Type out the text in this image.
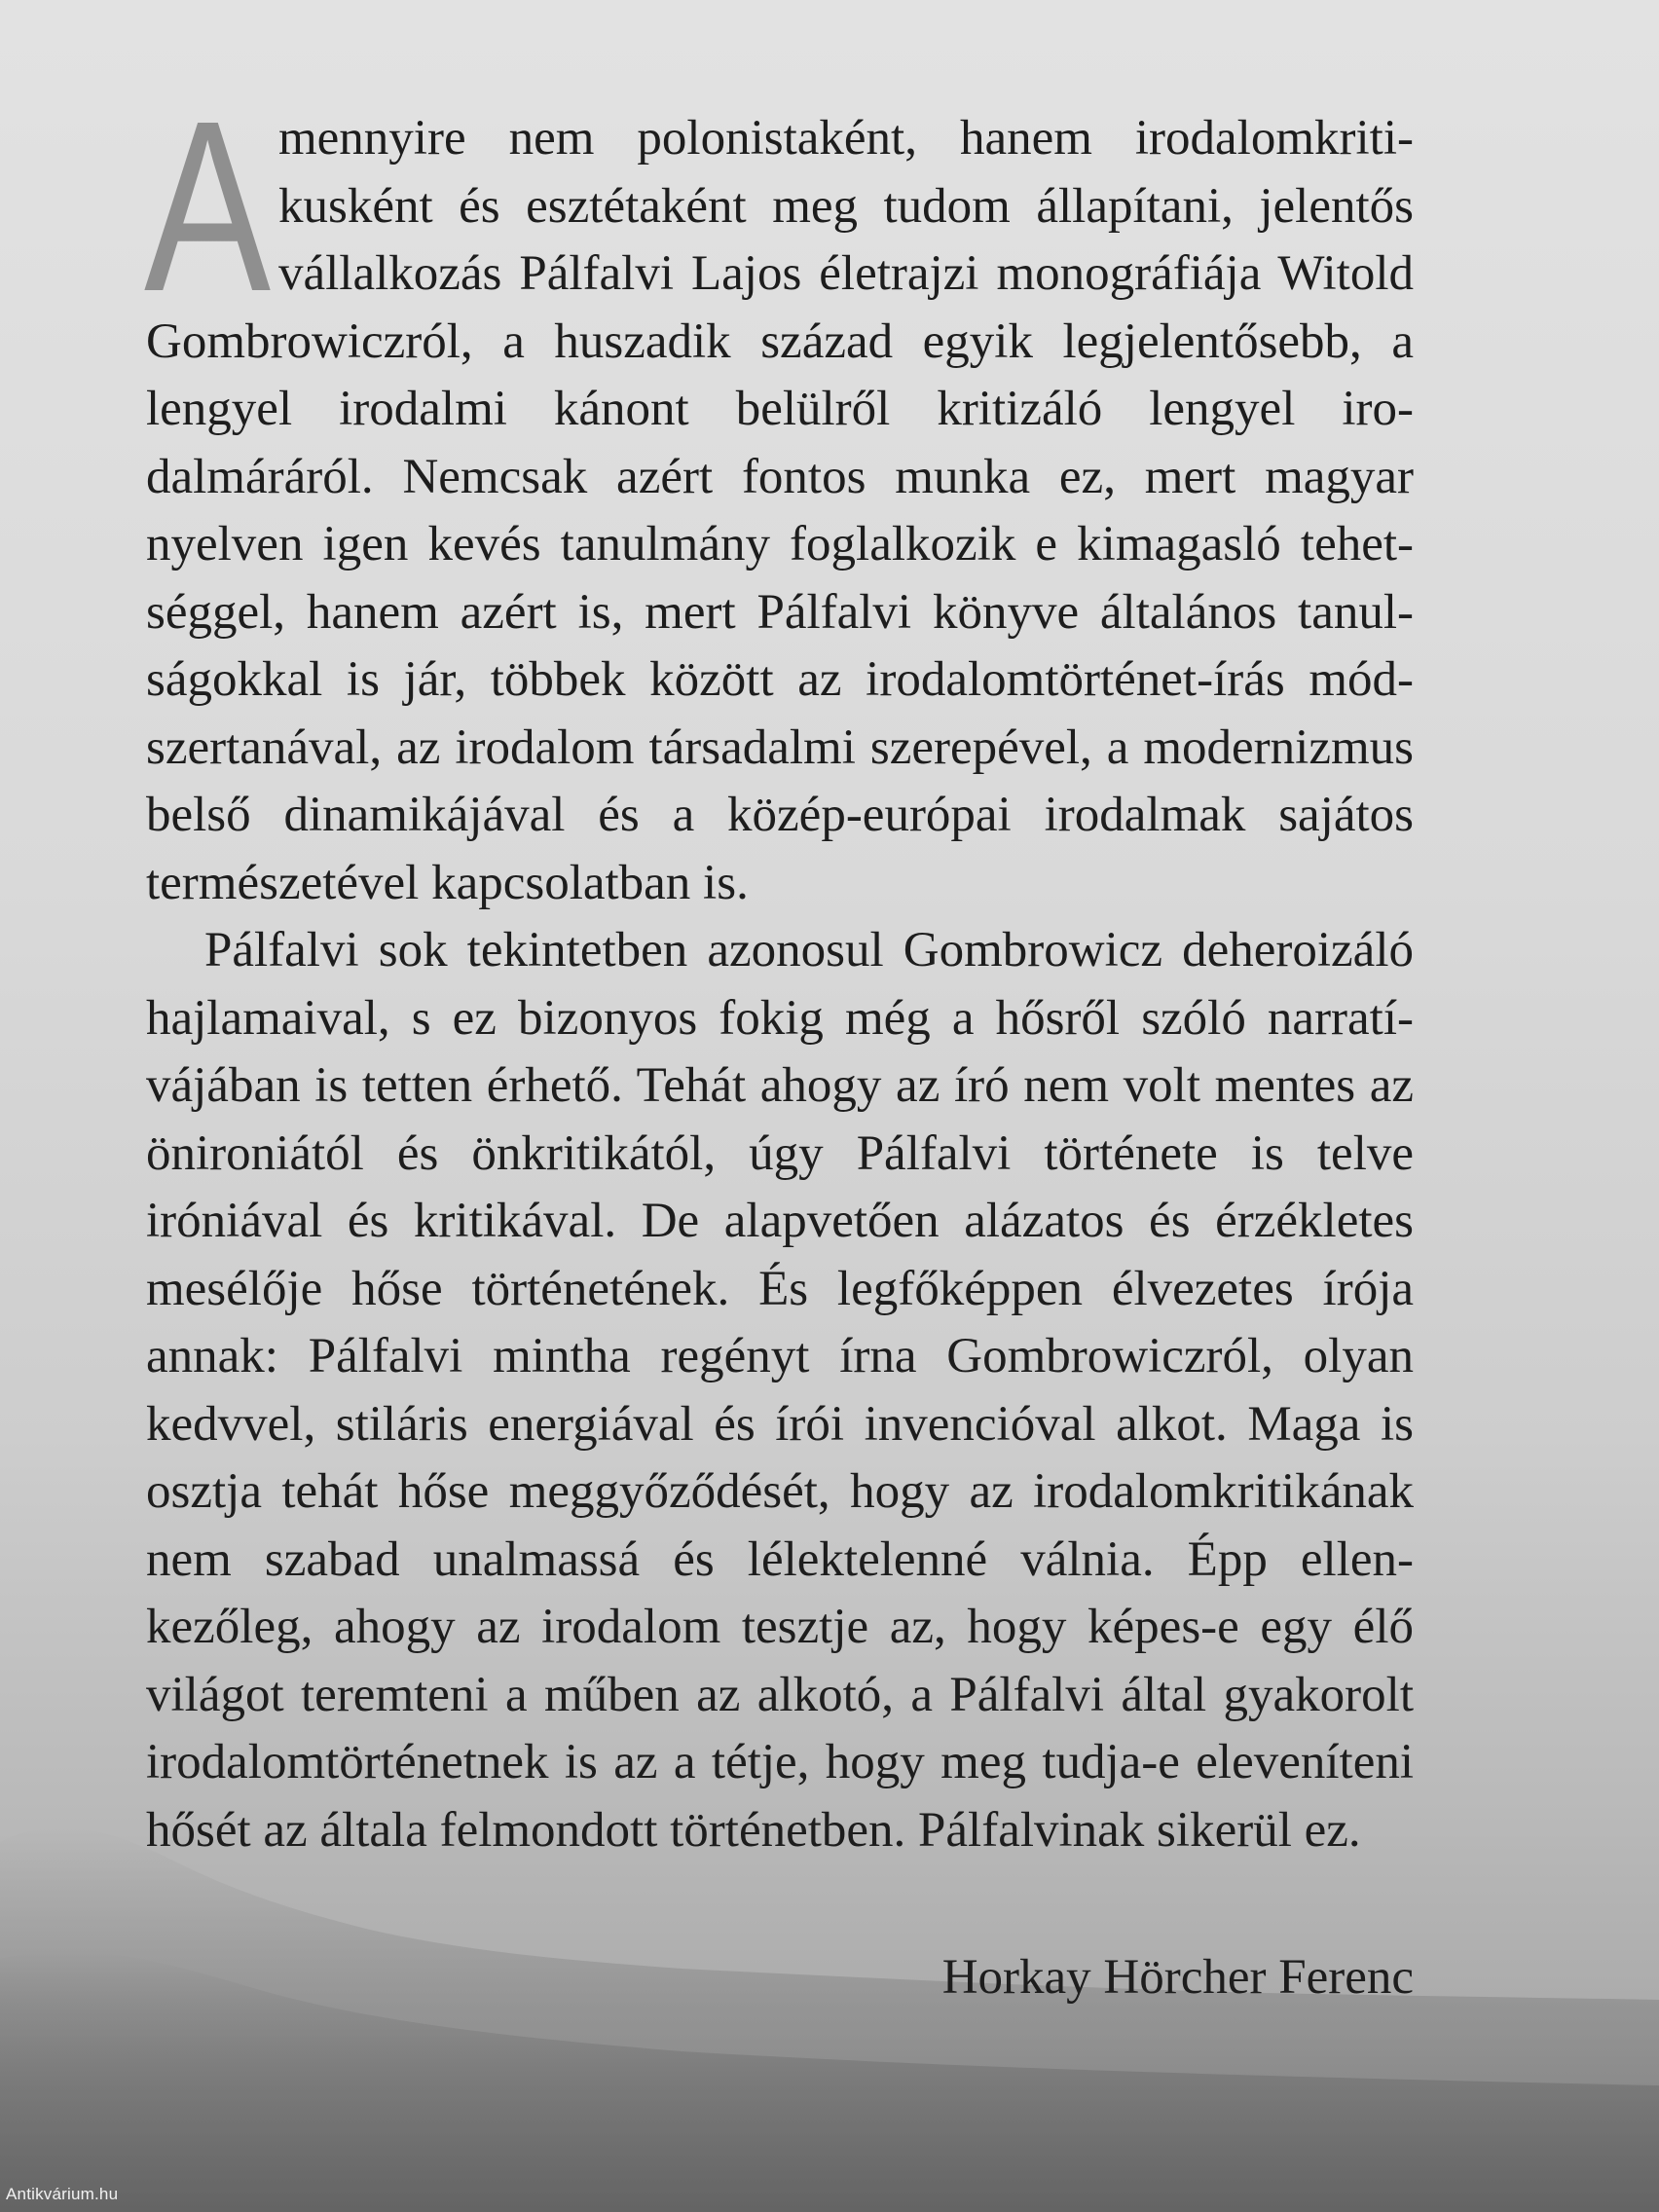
Amennyire nem polonistaként, hanem irodalomkritikusként és esztétaként meg tudom állapítani, jelentős vállalkozás Pálfalvi Lajos életrajzi monográfiája Witold Gombrowiczról, a huszadik század egyik legjelentősebb, a lengyel irodalmi kánont belülről kritizáló lengyel irodalmáráról. Nemcsak azért fontos munka ez, mert magyar nyelven igen kevés tanulmány foglalkozik e kimagasló tehetséggel, hanem azért is, mert Pálfalvi könyve általános tanulságokkal is jár, többek között az irodalomtörténet-írás módszertanával, az irodalom társadalmi szerepével, a modernizmus belső dinamikájával és a közép-európai irodalmak sajátos természetével kapcsolatban is.

Pálfalvi sok tekintetben azonosul Gombrowicz deheroizáló hajlamaival, s ez bizonyos fokig még a hősről szóló narratívájában is tetten érhető. Tehát ahogy az író nem volt mentes az önironiától és önkritikától, úgy Pálfalvi története is telve iróniával és kritikával. De alapvetően alázatos és érzékletes mesélője hőse történetének. És legfőképpen élvezetes írója annak: Pálfalvi mintha regényt írna Gombrowiczról, olyan kedvvel, stiláris energiával és írói invencióval alkot. Maga is osztja tehát hőse meggyőződését, hogy az irodalomkritikának nem szabad unalmassá és lélektelenné válnia. Épp ellenkezőleg, ahogy az irodalom tesztje az, hogy képes-e egy élő világot teremteni a műben az alkotó, a Pálfalvi által gyakorolt irodalomtörténetnek is az a tétje, hogy meg tudja-e eleveníteni hősét az általa felmondott történetben. Pálfalvinak sikerül ez.

Horkay Hörcher Ferenc
Antikvárium.hu
